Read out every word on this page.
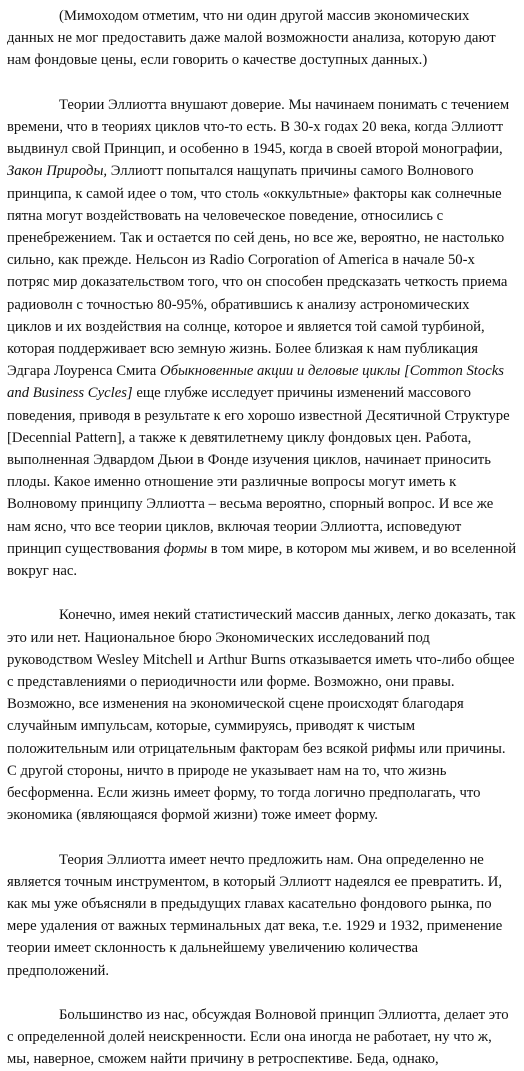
(Мимоходом отметим, что ни один другой массив экономических данных не мог предоставить даже малой возможности анализа, которую дают нам фондовые цены, если говорить о качестве доступных данных.)

Теории Эллиотта внушают доверие. Мы начинаем понимать с течением времени, что в теориях циклов что-то есть. В 30-х годах 20 века, когда Эллиотт выдвинул свой Принцип, и особенно в 1945, когда в своей второй монографии, Закон Природы, Эллиотт попытался нащупать причины самого Волнового принципа, к самой идее о том, что столь «оккультные» факторы как солнечные пятна могут воздействовать на человеческое поведение, относились с пренебрежением. Так и остается по сей день, но все же, вероятно, не настолько сильно, как прежде. Нельсон из Radio Corporation of America в начале 50-х потряс мир доказательством того, что он способен предсказать четкость приема радиоволн с точностью 80-95%, обратившись к анализу астрономических циклов и их воздействия на солнце, которое и является той самой турбиной, которая поддерживает всю земную жизнь. Более близкая к нам публикация Эдгара Лоуренса Смита Обыкновенные акции и деловые циклы [Common Stocks and Business Cycles] еще глубже исследует причины изменений массового поведения, приводя в результате к его хорошо известной Десятичной Структуре [Decennial Pattern], а также к девятилетнему циклу фондовых цен. Работа, выполненная Эдвардом Дьюи в Фонде изучения циклов, начинает приносить плоды. Какое именно отношение эти различные вопросы могут иметь к Волновому принципу Эллиотта – весьма вероятно, спорный вопрос. И все же нам ясно, что все теории циклов, включая теории Эллиотта, исповедуют принцип существования формы в том мире, в котором мы живем, и во вселенной вокруг нас.

Конечно, имея некий статистический массив данных, легко доказать, так это или нет. Национальное бюро Экономических исследований под руководством Wesley Mitchell и Arthur Burns отказывается иметь что-либо общее с представлениями о периодичности или форме. Возможно, они правы. Возможно, все изменения на экономической сцене происходят благодаря случайным импульсам, которые, суммируясь, приводят к чистым положительным или отрицательным факторам без всякой рифмы или причины. С другой стороны, ничто в природе не указывает нам на то, что жизнь бесформенна. Если жизнь имеет форму, то тогда логично предполагать, что экономика (являющаяся формой жизни) тоже имеет форму.

Теория Эллиотта имеет нечто предложить нам. Она определенно не является точным инструментом, в который Эллиотт надеялся ее превратить. И, как мы уже объясняли в предыдущих главах касательно фондового рынка, по мере удаления от важных терминальных дат века, т.е. 1929 и 1932, применение теории имеет склонность к дальнейшему увеличению количества предположений.

Большинство из нас, обсуждая Волновой принцип Эллиотта, делает это с определенной долей неискренности. Если она иногда не работает, ну что ж, мы, наверное, сможем найти причину в ретроспективе. Беда, однако,
